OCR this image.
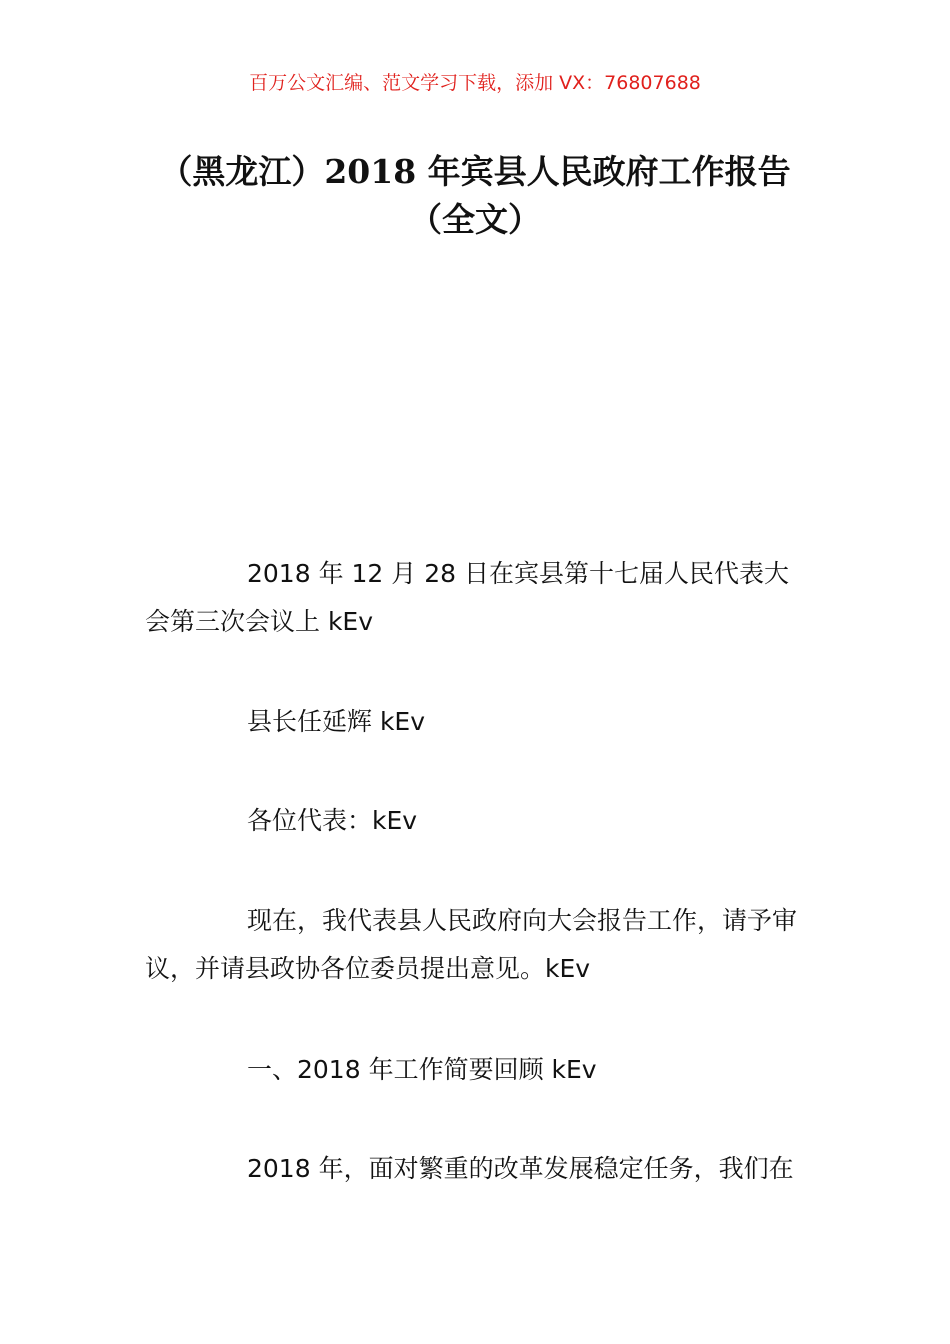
百万公文汇编、范文学习下载，添加 VX：76807688
（黑龙江）2018 年宾县人民政府工作报告
（全文）

2018 年 12 月 28 日在宾县第十七届人民代表大会第三次会议上 kEv

县长任延辉 kEv

各位代表：kEv

现在，我代表县人民政府向大会报告工作，请予审议，并请县政协各位委员提出意见。kEv

一、2018 年工作简要回顾 kEv

2018 年，面对繁重的改革发展稳定任务，我们在
